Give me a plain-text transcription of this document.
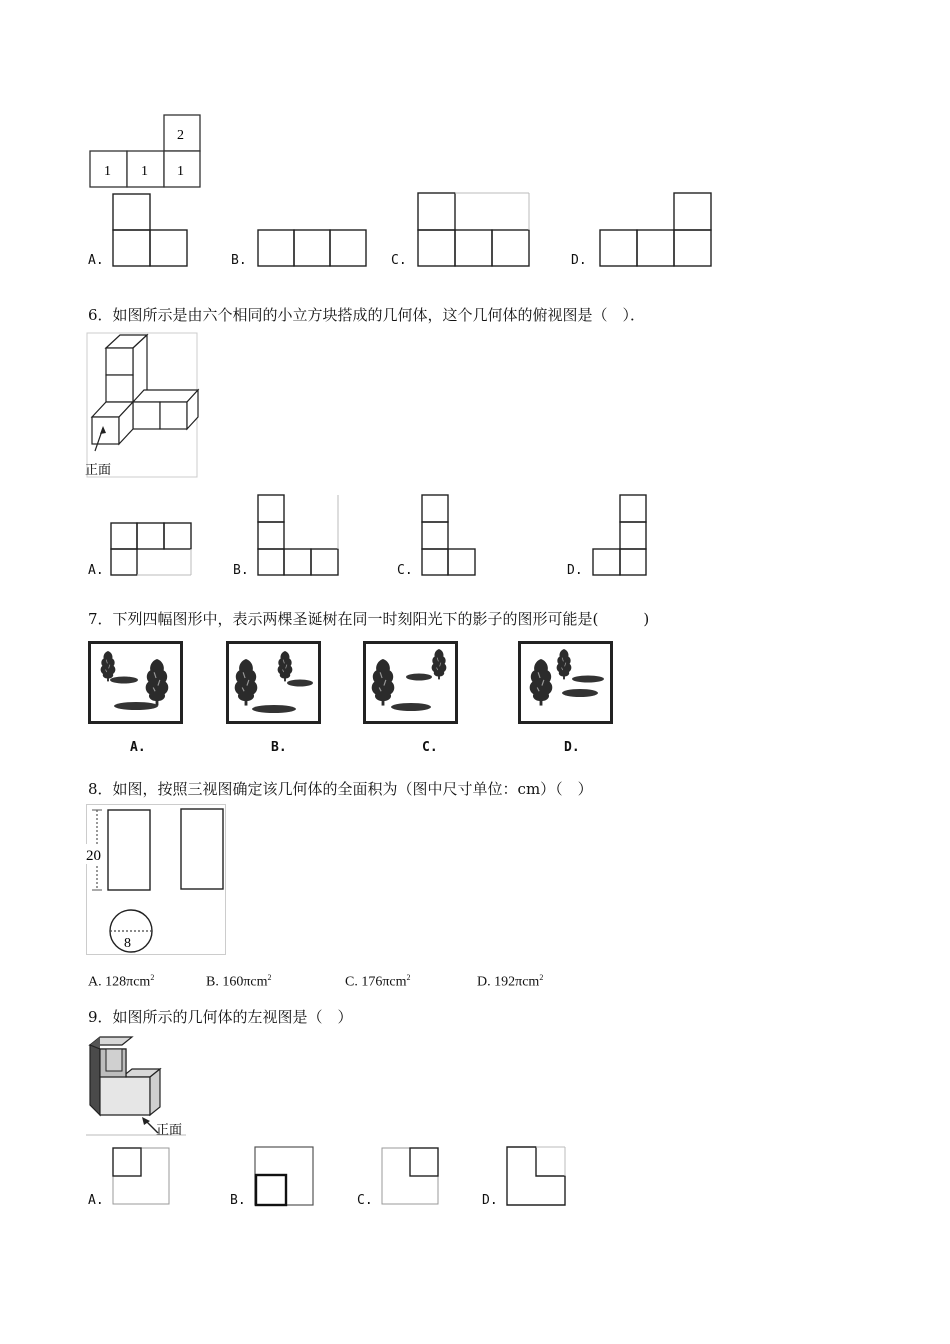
2
1 1 1
A.	B.	C.	D.
6．如图所示是由六个相同的小立方块搭成的几何体，这个几何体的俯视图是（　）．
正面
A.	B.	C.	D.
7．下列四幅图形中，表示两棵圣诞树在同一时刻阳光下的影子的图形可能是(　　　)
A.	B.	C.	D.
8．如图，按照三视图确定该几何体的全面积为（图中尺寸单位：cm）（　）
20
8
A. 128πcm$^2$	B. 160πcm$^2$	C. 176πcm$^2$	D. 192πcm$^2$
9．如图所示的几何体的左视图是（　）
正面
A.	B.	C.	D.
